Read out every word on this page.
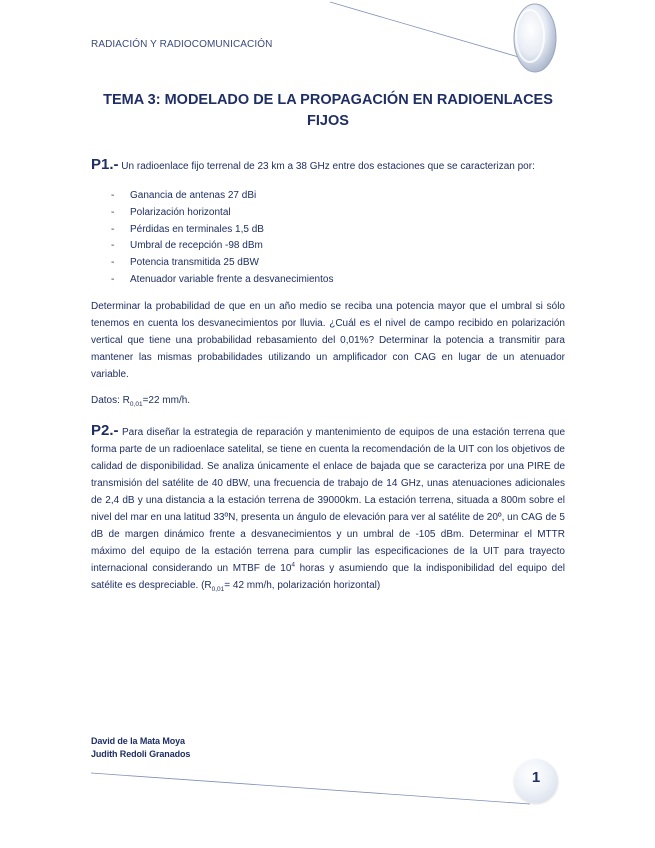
RADIACIÓN Y RADIOCOMUNICACIÓN
TEMA 3: MODELADO DE LA PROPAGACIÓN EN RADIOENLACES
FIJOS
P1.- Un radioenlace fijo terrenal de 23 km a 38 GHz entre dos estaciones que se caracterizan por:
- Ganancia de antenas 27 dBi
- Polarización horizontal
- Pérdidas en terminales 1,5 dB
- Umbral de recepción -98 dBm
- Potencia transmitida 25 dBW
- Atenuador variable frente a desvanecimientos
Determinar la probabilidad de que en un año medio se reciba una potencia mayor que el umbral si sólo tenemos en cuenta los desvanecimientos por lluvia. ¿Cuál es el nivel de campo recibido en polarización vertical que tiene una probabilidad rebasamiento del 0,01%? Determinar la potencia a transmitir para mantener las mismas probabilidades utilizando un amplificador con CAG en lugar de un atenuador variable.
Datos: $R_{0,01}=22$ mm/h.
P2.- Para diseñar la estrategia de reparación y mantenimiento de equipos de una estación terrena que forma parte de un radioenlace satelital, se tiene en cuenta la recomendación de la UIT con los objetivos de calidad de disponibilidad. Se analiza únicamente el enlace de bajada que se caracteriza por una PIRE de transmisión del satélite de 40 dBW, una frecuencia de trabajo de 14 GHz, unas atenuaciones adicionales de 2,4 dB y una distancia a la estación terrena de 39000km. La estación terrena, situada a 800m sobre el nivel del mar en una latitud 33ºN, presenta un ángulo de elevación para ver al satélite de 20º, un CAG de 5 dB de margen dinámico frente a desvanecimientos y un umbral de -105 dBm. Determinar el MTTR máximo del equipo de la estación terrena para cumplir las especificaciones de la UIT para trayecto internacional considerando un MTBF de $10^4$ horas y asumiendo que la indisponibilidad del equipo del satélite es despreciable. ($R_{0,01}= 42$ mm/h, polarización horizontal)
David de la Mata Moya
Judith Redoli Granados
1
